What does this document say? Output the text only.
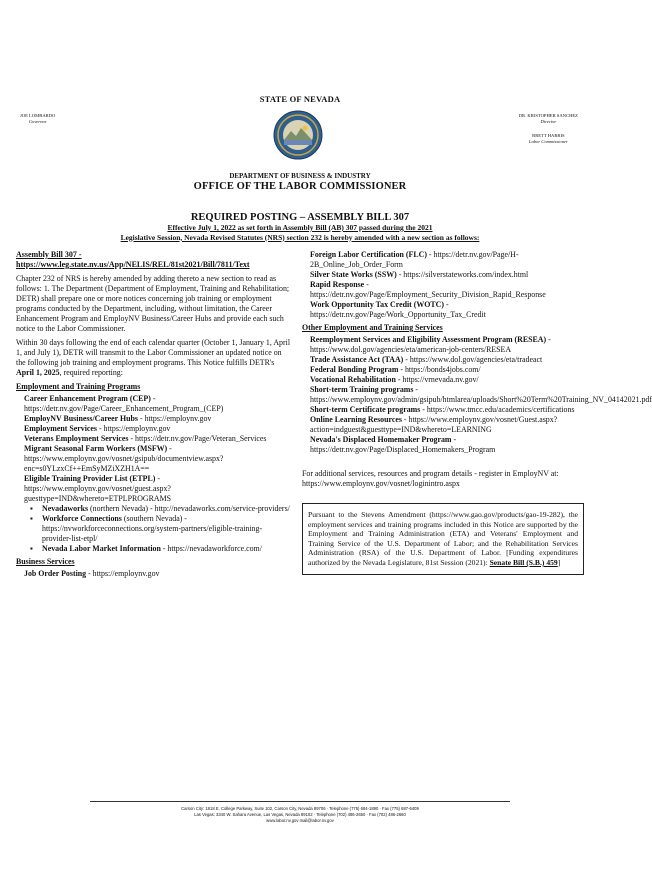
STATE OF NEVADA
JOE LOMBARDO
Governor
DR. KRISTOPHER SANCHEZ
Director
BRETT HARRIS
Labor Commissioner
DEPARTMENT OF BUSINESS & INDUSTRY
OFFICE OF THE LABOR COMMISSIONER
REQUIRED POSTING – ASSEMBLY BILL 307
Effective July 1, 2022 as set forth in Assembly Bill (AB) 307 passed during the 2021
Legislative Session, Nevada Revised Statutes (NRS) section 232 is hereby amended with a new section as follows:
Assembly Bill 307 - https://www.leg.state.nv.us/App/NELIS/REL/81st2021/Bill/7811/Text

Chapter 232 of NRS is hereby amended by adding thereto a new section to read as follows: 1. The Department (Department of Employment, Training and Rehabilitation; DETR) shall prepare one or more notices concerning job training or employment programs conducted by the Department, including, without limitation, the Career Enhancement Program and EmployNV Business/Career Hubs and provide each such notice to the Labor Commissioner.

Within 30 days following the end of each calendar quarter (October 1, January 1, April 1, and July 1), DETR will transmit to the Labor Commissioner an updated notice on the following job training and employment programs. This Notice fulfills DETR's April 1, 2025, required reporting:

Employment and Training Programs
Career Enhancement Program (CEP) - https://detr.nv.gov/Page/Career_Enhancement_Program_(CEP)
EmployNV Business/Career Hubs - https://employnv.gov
Employment Services - https://employnv.gov
Veterans Employment Services - https://detr.nv.gov/Page/Veteran_Services
Migrant Seasonal Farm Workers (MSFW) - https://www.employnv.gov/vosnet/gsipub/documentview.aspx?enc=s0YLzxCf++EmSyMZiXZH1A==
Eligible Training Provider List (ETPL) - https://www.employnv.gov/vosnet/guest.aspx?guesttype=IND&whereto=ETPLPROGRAMS
▪	Nevadaworks (northern Nevada) - http://nevadaworks.com/service-providers/
▪	Workforce Connections (southern Nevada) - https://nvworkforceconnections.org/system-partners/eligible-training-provider-list-etpl/
▪	Nevada Labor Market Information - https://nevadaworkforce.com/
Business Services
Job Order Posting - https://employnv.gov
Foreign Labor Certification (FLC) - https://detr.nv.gov/Page/H-2B_Online_Job_Order_Form
Silver State Works (SSW) - https://silverstateworks.com/index.html
Rapid Response - https://detr.nv.gov/Page/Employment_Security_Division_Rapid_Response
Work Opportunity Tax Credit (WOTC) - https://detr.nv.gov/Page/Work_Opportunity_Tax_Credit
Other Employment and Training Services
Reemployment Services and Eligibility Assessment Program (RESEA) - https://www.dol.gov/agencies/eta/american-job-centers/RESEA
Trade Assistance Act (TAA) - https://www.dol.gov/agencies/eta/tradeact
Federal Bonding Program - https://bonds4jobs.com/
Vocational Rehabilitation - https://vrnevada.nv.gov/
Short-term Training programs - https://www.employnv.gov/admin/gsipub/htmlarea/uploads/Short%20Term%20Training_NV_04142021.pdf
Short-term Certificate programs - https://www.tmcc.edu/academics/certifications
Online Learning Resources - https://www.employnv.gov/vosnet/Guest.aspx?action=indguest&guesttype=IND&whereto=LEARNING
Nevada's Displaced Homemaker Program - https://detr.nv.gov/Page/Displaced_Homemakers_Program

For additional services, resources and program details - register in EmployNV at: https://www.employnv.gov/vosnet/loginintro.aspx

Pursuant to the Stevens Amendment (https://www.gao.gov/products/gao-19-282), the employment services and training programs included in this Notice are supported by the Employment and Training Administration (ETA) and Veterans' Employment and Training Service of the U.S. Department of Labor; and the Rehabilitation Services Administration (RSA) of the U.S. Department of Labor. [Funding expenditures authorized by the Nevada Legislature, 81st Session (2021): Senate Bill (S.B.) 459]
Carson City: 1818 E. College Parkway, Suite 102, Carson City, Nevada 89706 · Telephone (775) 684-1890 · Fax (775) 687-6409
Las Vegas: 3340 W. Sahara Avenue, Las Vegas, Nevada 89102 · Telephone (702) 486-2650 · Fax (702) 486-2660
www.labor.nv.gov mail@labor.nv.gov
